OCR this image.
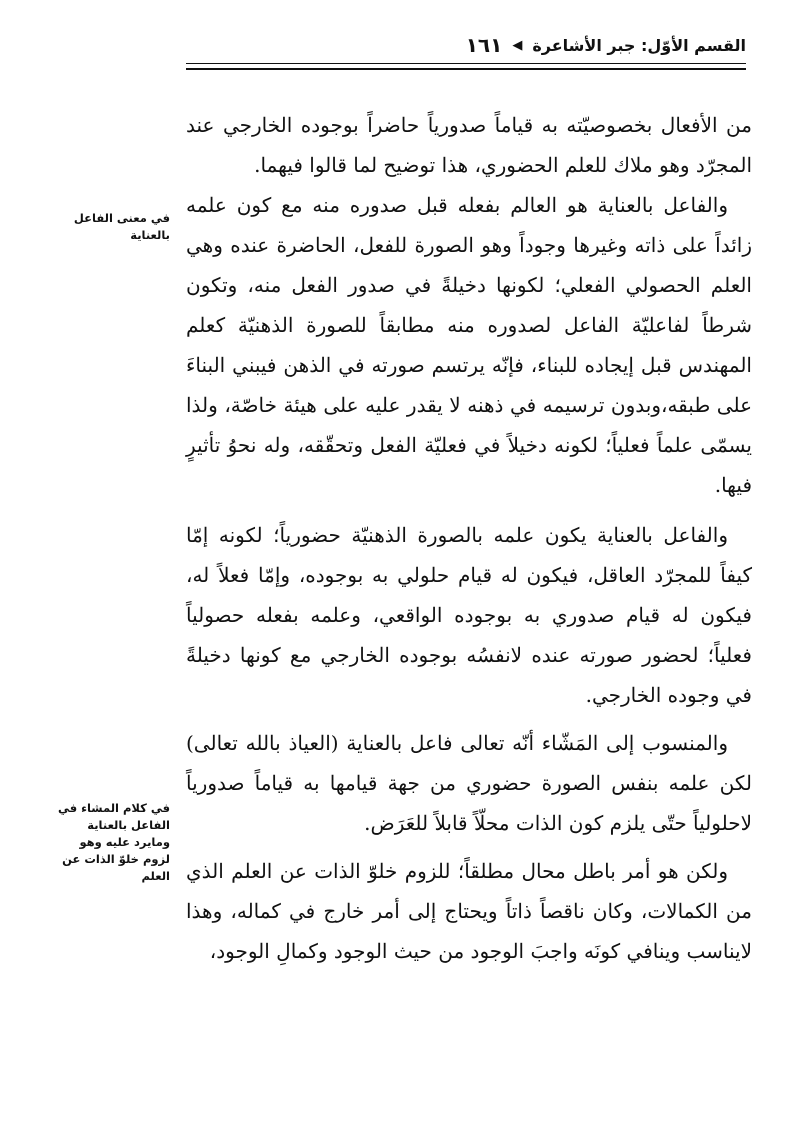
القسم الأوّل: جبر الأشاعرة
◀
١٦١

من الأفعال بخصوصيّته به قياماً صدورياً حاضراً بوجوده الخارجي عند المجرّد وهو ملاك للعلم الحضوري، هذا توضيح لما قالوا فيهما.

والفاعل بالعناية هو العالم بفعله قبل صدوره منه مع كون علمه زائداً على ذاته وغيرها وجوداً وهو الصورة للفعل، الحاضرة عنده وهي العلم الحصولي الفعلي؛ لكونها دخيلةً في صدور الفعل منه، وتكون شرطاً لفاعليّة الفاعل لصدوره منه مطابقاً للصورة الذهنيّة كعلم المهندس قبل إيجاده للبناء، فإنّه يرتسم صورته في الذهن فيبني البناءَ على طبقه،وبدون ترسيمه في ذهنه لا يقدر عليه على هيئة خاصّة، ولذا يسمّى علماً فعلياً؛ لكونه دخيلاً في فعليّة الفعل وتحقّقه، وله نحوُ تأثيرٍ فيها.

والفاعل بالعناية يكون علمه بالصورة الذهنيّة حضورياً؛ لكونه إمّا كيفاً للمجرّد العاقل، فيكون له قيام حلولي به بوجوده، وإمّا فعلاً له، فيكون له قيام صدوري به بوجوده الواقعي، وعلمه بفعله حصولياً فعلياً؛ لحضور صورته عنده لانفسُه بوجوده الخارجي مع كونها دخيلةً في وجوده الخارجي.

والمنسوب إلى المَشّاء أنّه تعالى فاعل بالعناية (العياذ بالله تعالى) لكن علمه بنفس الصورة حضوري من جهة قيامها به قياماً صدورياً لاحلولياً حتّى يلزم كون الذات محلّاً قابلاً للعَرَض.

ولكن هو أمر باطل محال مطلقاً؛ للزوم خلوّ الذات عن العلم الذي من الكمالات، وكان ناقصاً ذاتاً ويحتاج إلى أمر خارج في كماله، وهذا لايناسب وينافي كونَه واجبَ الوجود من حيث الوجود وكمالِ الوجود،

في معنى الفاعل بالعناية
في كلام المشاء في الفاعل بالعناية ومايرد عليه وهو لزوم خلوّ الذات عن العلم
